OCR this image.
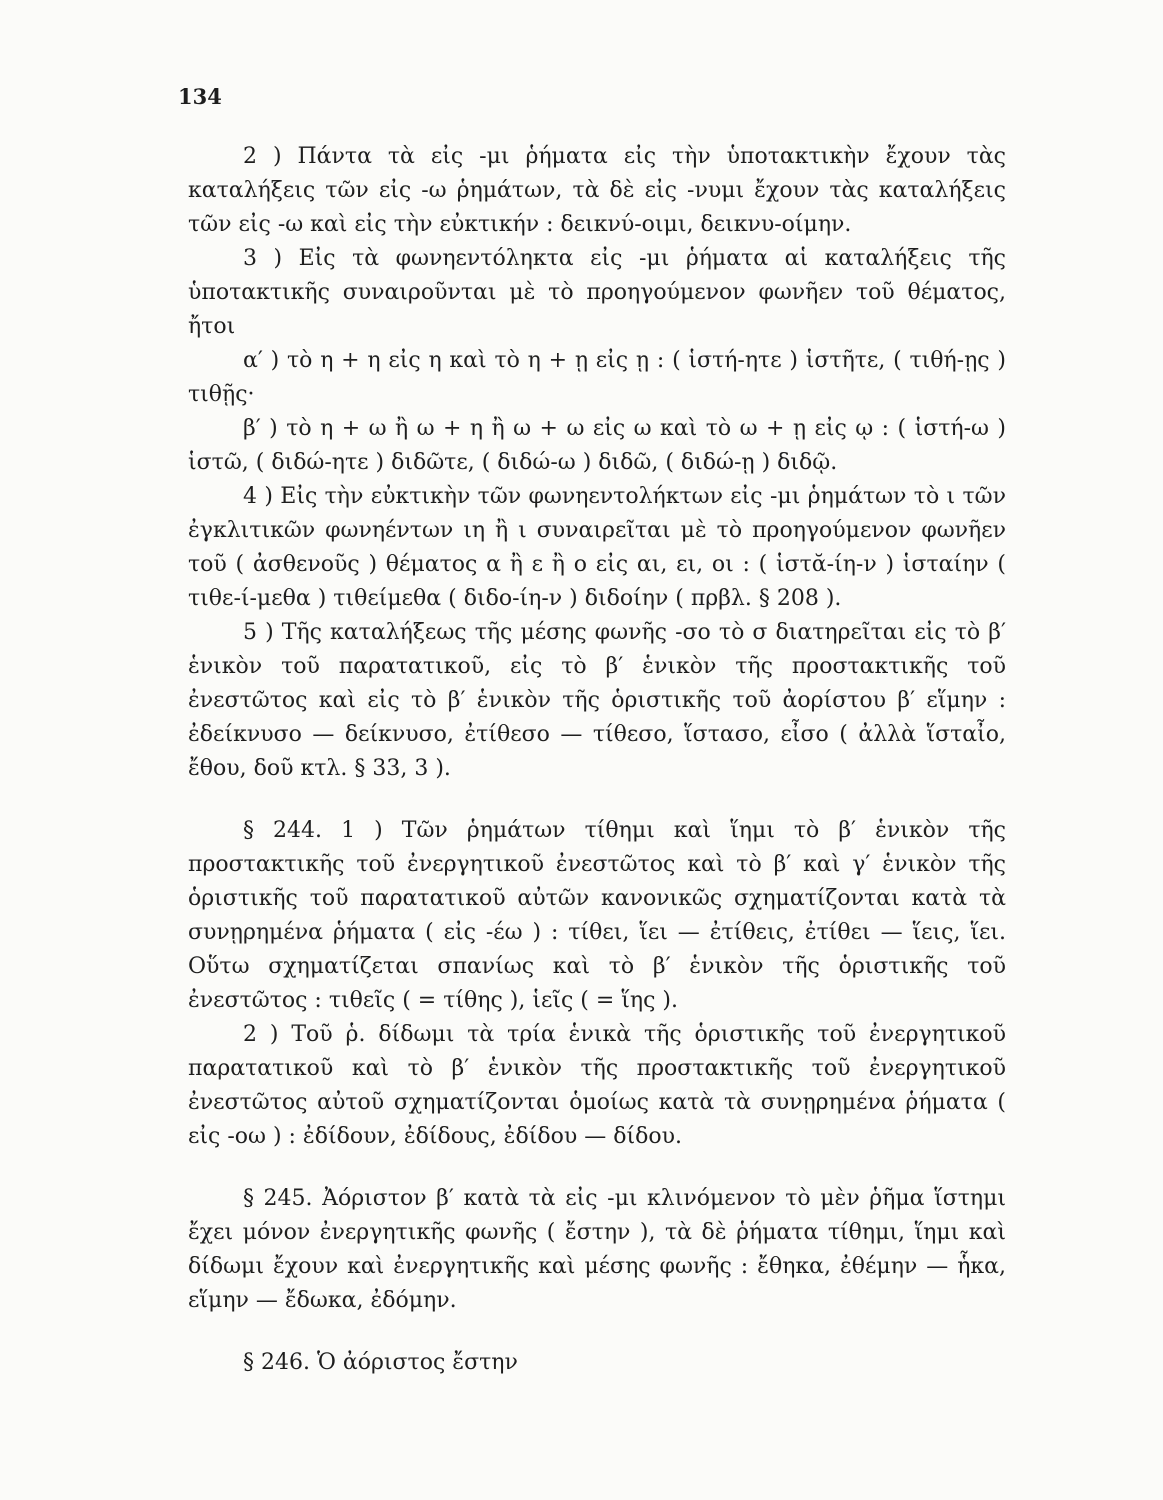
134

2 ) Πάντα τὰ εἰς -μι ῥήματα εἰς τὴν ὑποτακτικὴν ἔχουν τὰς καταλήξεις τῶν εἰς -ω ῥημάτων, τὰ δὲ εἰς -νυμι ἔχουν τὰς καταλήξεις τῶν εἰς -ω καὶ εἰς τὴν εὐκτικήν : δεικνύ-οιμι, δεικνυ-οίμην.

3 ) Εἰς τὰ φωνηεντόληκτα εἰς -μι ῥήματα αἱ καταλήξεις τῆς ὑποτακτικῆς συναιροῦνται μὲ τὸ προηγούμενον φωνῆεν τοῦ θέματος, ἤτοι

α′ ) τὸ η + η εἰς η καὶ τὸ η + ῃ εἰς ῃ : ( ἱστή-ητε ) ἱστῆτε, ( τιθή-ῃς ) τιθῇς·

β′ ) τὸ η + ω ἢ ω + η ἢ ω + ω εἰς ω καὶ τὸ ω + ῃ εἰς ῳ : ( ἱστή-ω ) ἱστῶ, ( διδώ-ητε ) διδῶτε, ( διδώ-ω ) διδῶ, ( διδώ-ῃ ) διδῷ.

4 ) Εἰς τὴν εὐκτικὴν τῶν φωνηεντολήκτων εἰς -μι ῥημάτων τὸ ι τῶν ἐγκλιτικῶν φωνηέντων ιη ἢ ι συναιρεῖται μὲ τὸ προηγούμενον φωνῆεν τοῦ ( ἀσθενοῦς ) θέματος α ἢ ε ἢ ο εἰς αι, ει, οι : ( ἱστᾰ-ίη-ν ) ἱσταίην ( τιθε-ί-μεθα ) τιθείμεθα ( διδο-ίη-ν ) διδοίην ( πρβλ. § 208 ).

5 ) Τῆς καταλήξεως τῆς μέσης φωνῆς -σο τὸ σ διατηρεῖται εἰς τὸ β′ ἑνικὸν τοῦ παρατατικοῦ, εἰς τὸ β′ ἑνικὸν τῆς προστακτικῆς τοῦ ἐνεστῶτος καὶ εἰς τὸ β′ ἑνικὸν τῆς ὁριστικῆς τοῦ ἀορίστου β′ εἵμην : ἐδείκνυσο — δείκνυσο, ἐτίθεσο — τίθεσο, ἵστασο, εἶσο ( ἀλλὰ ἵσταἶο, ἔθου, δοῦ κτλ. § 33, 3 ).

§ 244. 1 ) Τῶν ῥημάτων τίθημι καὶ ἵημι τὸ β′ ἑνικὸν τῆς προστακτικῆς τοῦ ἐνεργητικοῦ ἐνεστῶτος καὶ τὸ β′ καὶ γ′ ἑνικὸν τῆς ὁριστικῆς τοῦ παρατατικοῦ αὐτῶν κανονικῶς σχηματίζονται κατὰ τὰ συνῃρημένα ῥήματα ( εἰς -έω ) : τίθει, ἵει — ἐτίθεις, ἐτίθει — ἵεις, ἵει. Οὕτω σχηματίζεται σπανίως καὶ τὸ β′ ἑνικὸν τῆς ὁριστικῆς τοῦ ἐνεστῶτος : τιθεῖς ( = τίθης ), ἱεῖς ( = ἵης ).

2 ) Τοῦ ῥ. δίδωμι τὰ τρία ἑνικὰ τῆς ὁριστικῆς τοῦ ἐνεργητικοῦ παρατατικοῦ καὶ τὸ β′ ἑνικὸν τῆς προστακτικῆς τοῦ ἐνεργητικοῦ ἐνεστῶτος αὐτοῦ σχηματίζονται ὁμοίως κατὰ τὰ συνῃρημένα ῥήματα ( εἰς -οω ) : ἐδίδουν, ἐδίδους, ἐδίδου — δίδου.

§ 245. Ἀόριστον β′ κατὰ τὰ εἰς -μι κλινόμενον τὸ μὲν ῥῆμα ἵστημι ἔχει μόνον ἐνεργητικῆς φωνῆς ( ἔστην ), τὰ δὲ ῥήματα τίθημι, ἵημι καὶ δίδωμι ἔχουν καὶ ἐνεργητικῆς καὶ μέσης φωνῆς : ἔθηκα, ἐθέμην — ἧκα, εἵμην — ἔδωκα, ἐδόμην.

§ 246. Ὁ ἀόριστος ἔστην
